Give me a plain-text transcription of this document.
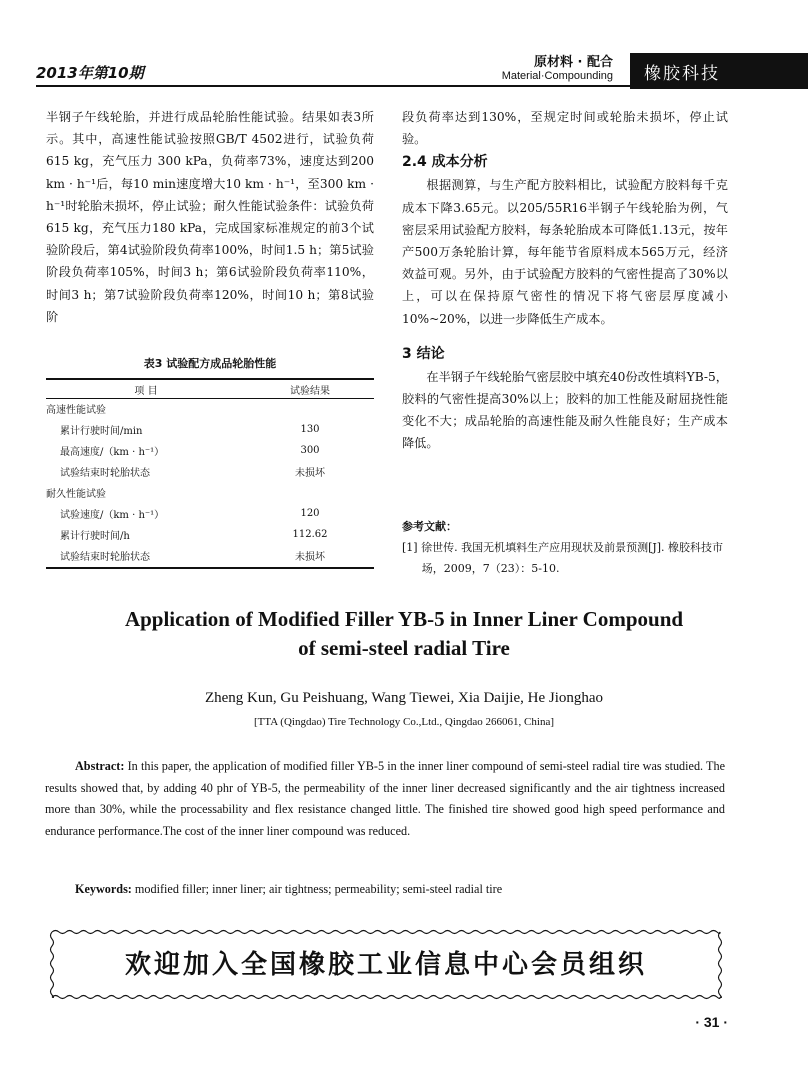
2013年第10期
原材料 · 配合
Material·Compounding 橡胶科技

半钢子午线轮胎，并进行成品轮胎性能试验。结果如表3所示。其中，高速性能试验按照GB/T 4502进行，试验负荷 615 kg，充气压力 300 kPa，负荷率73%，速度达到200 km · h⁻¹后，每10 min速度增大10 km · h⁻¹，至300 km · h⁻¹时轮胎未损坏，停止试验；耐久性能试验条件：试验负荷 615 kg，充气压力180 kPa，完成国家标准规定的前3个试验阶段后，第4试验阶段负荷率100%，时间1.5 h；第5试验阶段负荷率105%，时间3 h；第6试验阶段负荷率110%，时间3 h；第7试验阶段负荷率120%，时间10 h；第8试验阶

表3 试验配方成品轮胎性能
项 目	试验结果
高速性能试验
累计行驶时间/min	130
最高速度/（km · h⁻¹）	300
试验结束时轮胎状态	未损坏
耐久性能试验
试验速度/（km · h⁻¹）	120
累计行驶时间/h	112.62
试验结束时轮胎状态	未损坏

段负荷率达到130%，至规定时间或轮胎未损坏，停止试验。

2.4 成本分析

根据测算，与生产配方胶料相比，试验配方胶料每千克成本下降3.65元。以205/55R16半钢子午线轮胎为例，气密层采用试验配方胶料，每条轮胎成本可降低1.13元，按年产500万条轮胎计算，每年能节省原料成本565万元，经济效益可观。另外，由于试验配方胶料的气密性提高了30%以上，可以在保持原气密性的情况下将气密层厚度减小10%~20%，以进一步降低生产成本。

3 结论

在半钢子午线轮胎气密层胶中填充40份改性填料YB-5，胶料的气密性提高30%以上；胶料的加工性能及耐屈挠性能变化不大；成品轮胎的高速性能及耐久性能良好；生产成本降低。

参考文献：
[1] 徐世传. 我国无机填料生产应用现状及前景预测[J]. 橡胶科技市场，2009，7（23）：5-10.
Application of Modified Filler YB-5 in Inner Liner Compound
of semi-steel radial Tire
Zheng Kun, Gu Peishuang, Wang Tiewei, Xia Daijie, He Jionghao
[TTA (Qingdao) Tire Technology Co.,Ltd., Qingdao 266061, China]

Abstract: In this paper, the application of modified filler YB-5 in the inner liner compound of semi-steel radial tire was studied. The results showed that, by adding 40 phr of YB-5, the permeability of the inner liner decreased significantly and the air tightness increased more than 30%, while the processability and flex resistance changed little. The finished tire showed good high speed performance and endurance performance.The cost of the inner liner compound was reduced.

Keywords: modified filler; inner liner; air tightness; permeability; semi-steel radial tire
欢迎加入全国橡胶工业信息中心会员组织
· 31 ·
